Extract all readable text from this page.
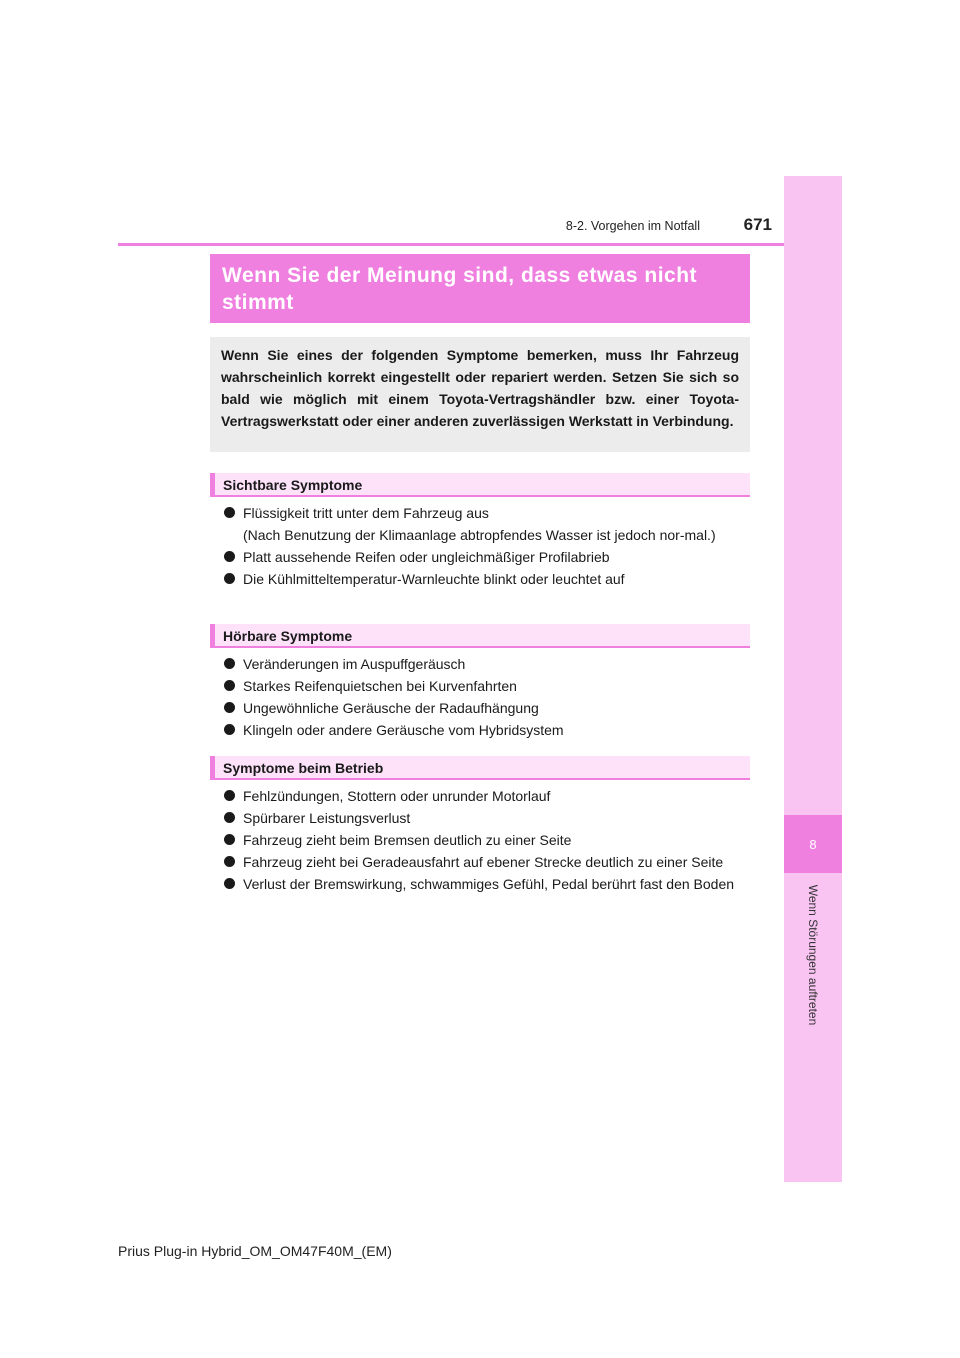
8
Wenn Störungen auftreten
8-2. Vorgehen im Notfall	671
Wenn Sie der Meinung sind, dass etwas nicht stimmt
Wenn Sie eines der folgenden Symptome bemerken, muss Ihr Fahrzeug wahrscheinlich korrekt eingestellt oder repariert werden. Setzen Sie sich so bald wie möglich mit einem Toyota-Vertragshändler bzw. einer Toyota-Vertragswerkstatt oder einer anderen zuverlässigen Werkstatt in Verbindung.
Sichtbare Symptome
Flüssigkeit tritt unter dem Fahrzeug aus
(Nach Benutzung der Klimaanlage abtropfendes Wasser ist jedoch nor-mal.)
Platt aussehende Reifen oder ungleichmäßiger Profilabrieb
Die Kühlmitteltemperatur-Warnleuchte blinkt oder leuchtet auf
Hörbare Symptome
Veränderungen im Auspuffgeräusch
Starkes Reifenquietschen bei Kurvenfahrten
Ungewöhnliche Geräusche der Radaufhängung
Klingeln oder andere Geräusche vom Hybridsystem
Symptome beim Betrieb
Fehlzündungen, Stottern oder unrunder Motorlauf
Spürbarer Leistungsverlust
Fahrzeug zieht beim Bremsen deutlich zu einer Seite
Fahrzeug zieht bei Geradeausfahrt auf ebener Strecke deutlich zu einer Seite
Verlust der Bremswirkung, schwammiges Gefühl, Pedal berührt fast den Boden
Prius Plug-in Hybrid_OM_OM47F40M_(EM)
